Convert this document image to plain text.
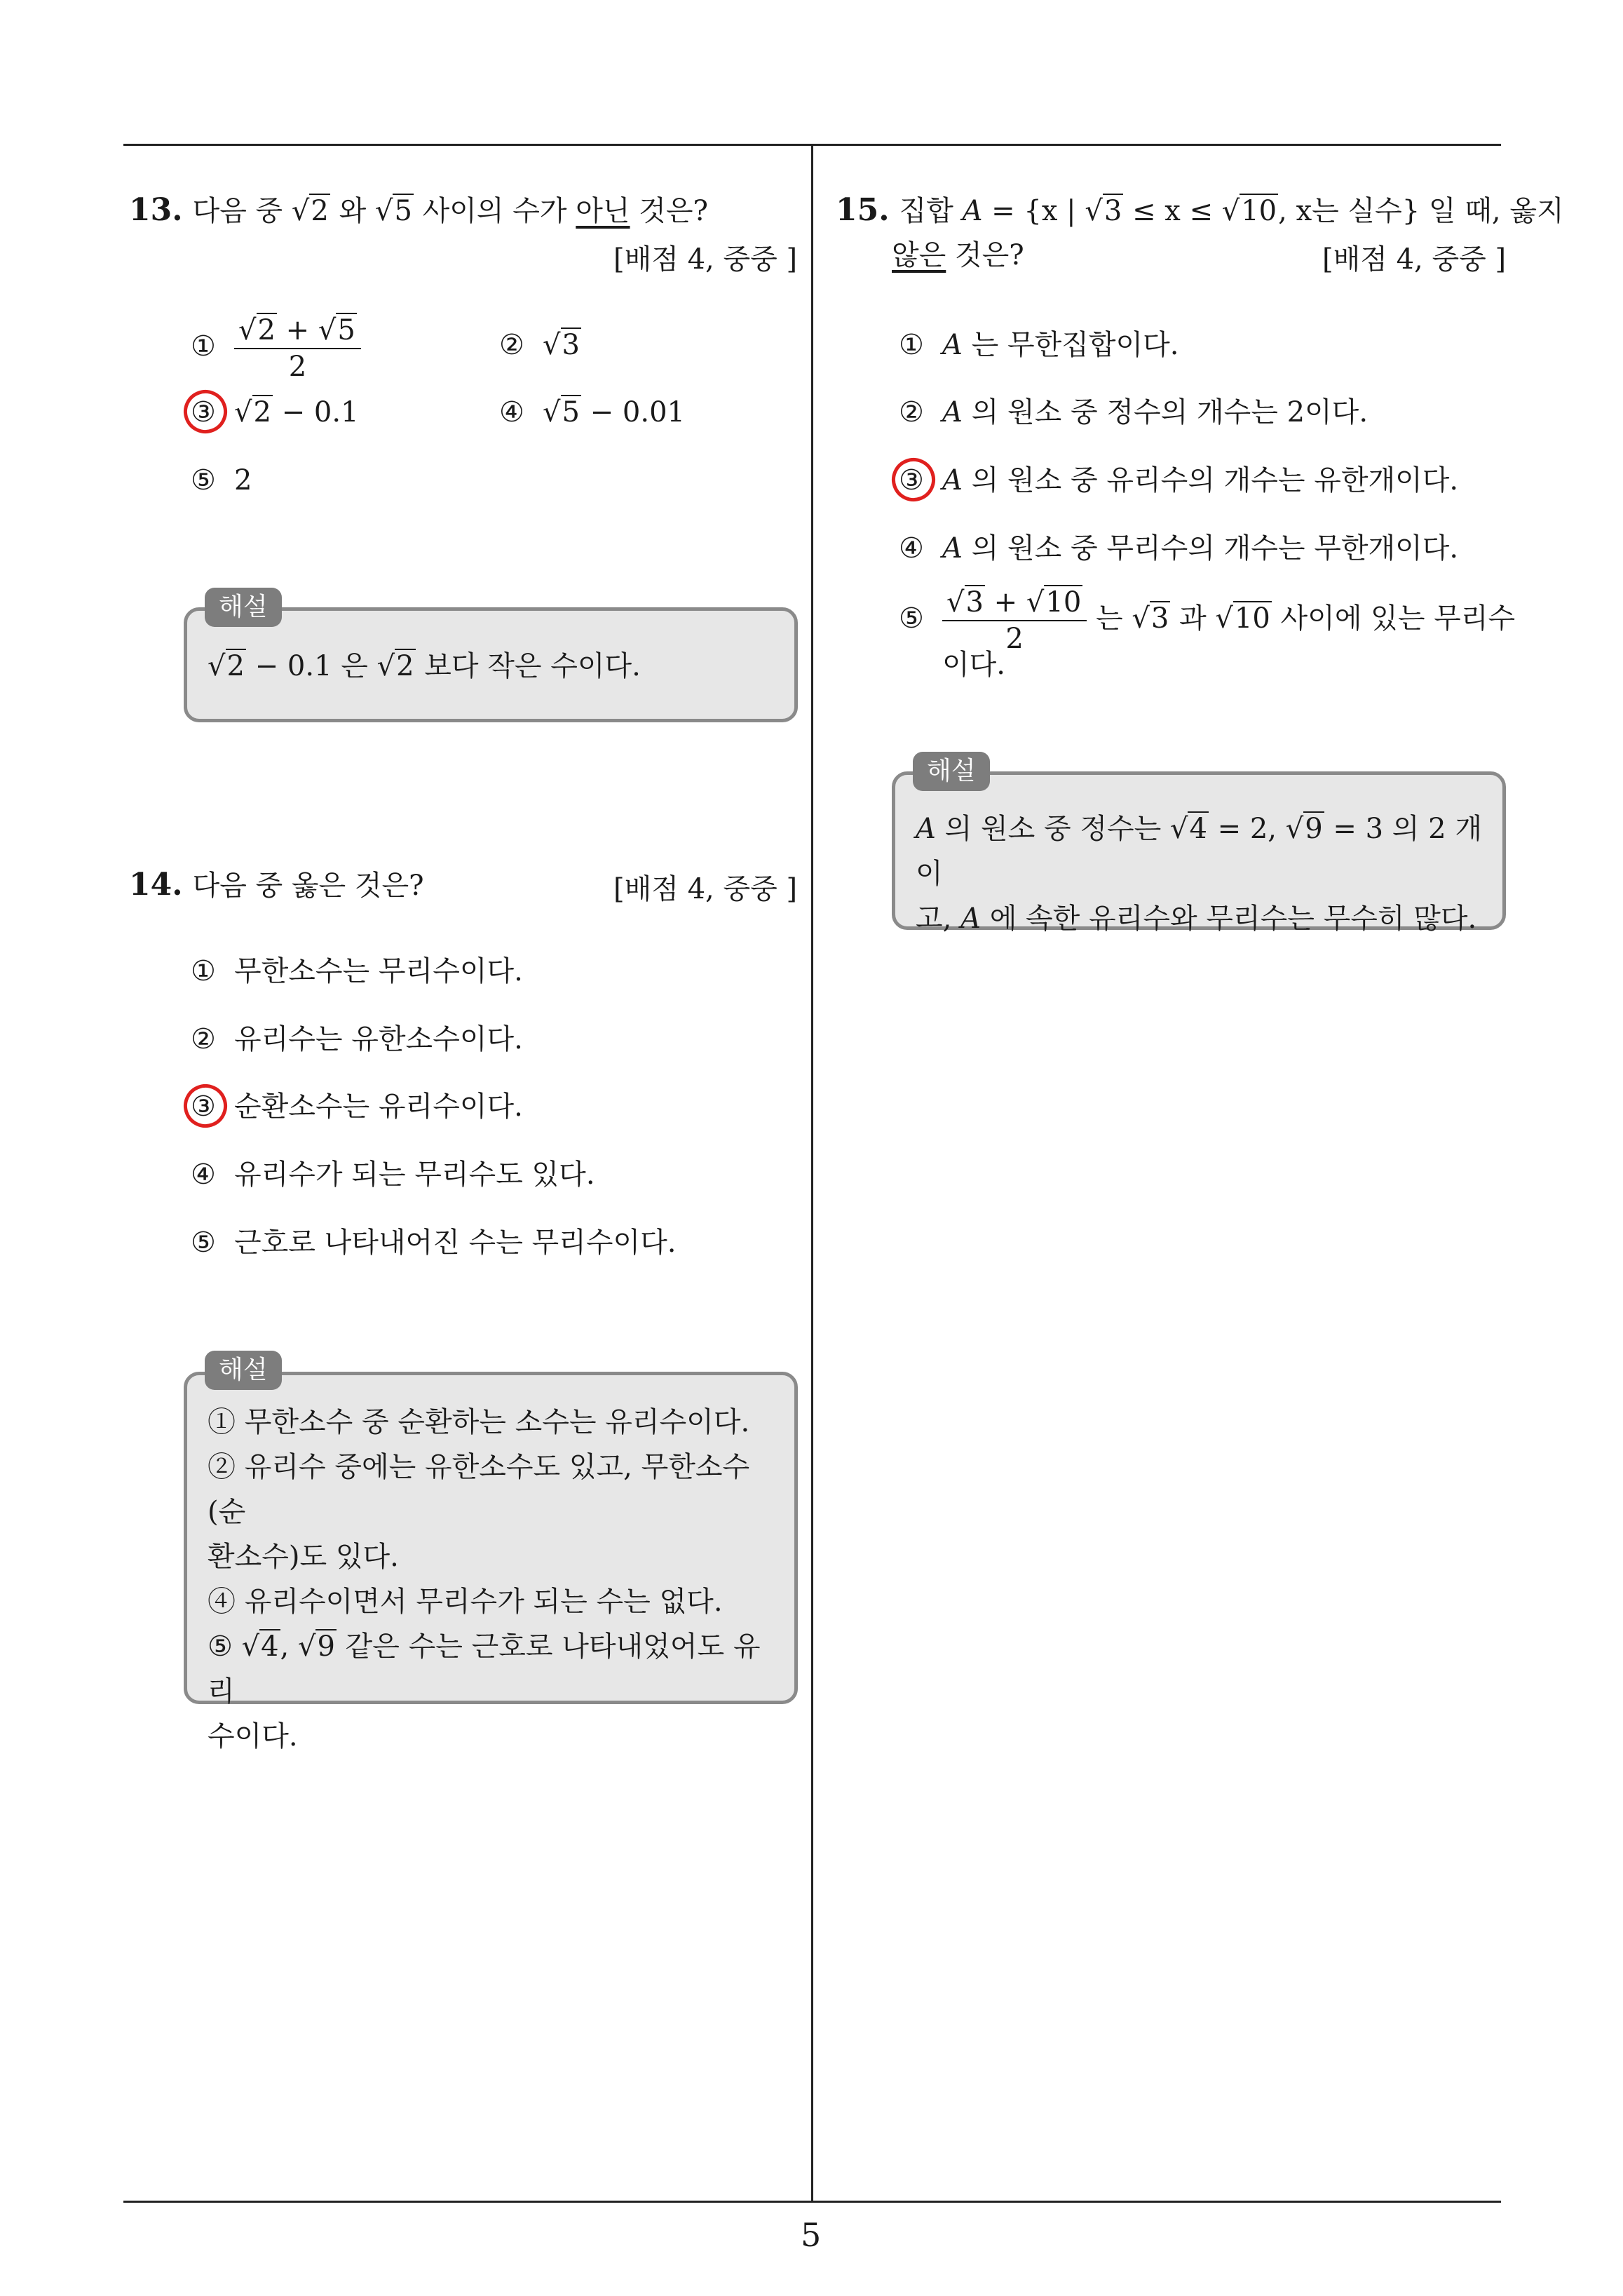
13. 다음 중 √2 와 √5 사이의 수가 아닌 것은?
[배점 4, 중중 ]
① $\frac{√2 + √5}{2}$	② √3
③ √2 − 0.1	④ √5 − 0.01
⑤ 2
해설
√2 − 0.1 은 √2 보다 작은 수이다.
14. 다음 중 옳은 것은?	[배점 4, 중중 ]
① 무한소수는 무리수이다.
② 유리수는 유한소수이다.
③ 순환소수는 유리수이다.
④ 유리수가 되는 무리수도 있다.
⑤ 근호로 나타내어진 수는 무리수이다.
해설
① 무한소수 중 순환하는 소수는 유리수이다.
② 유리수 중에는 유한소수도 있고, 무한소수(순
환소수)도 있다.
④ 유리수이면서 무리수가 되는 수는 없다.
⑤ √4, √9 같은 수는 근호로 나타내었어도 유리
수이다.
15. 집합 A = {x | √3 ≤ x ≤ √10, x는 실수} 일 때, 옳지
않은 것은?	[배점 4, 중중 ]
① A 는 무한집합이다.
② A 의 원소 중 정수의 개수는 2이다.
③ A 의 원소 중 유리수의 개수는 유한개이다.
④ A 의 원소 중 무리수의 개수는 무한개이다.
⑤ $\frac{√3 + √10}{2}$ 는 √3 과 √10 사이에 있는 무리수
이다.
해설
A 의 원소 중 정수는 √4 = 2, √9 = 3 의 2 개이
고, A 에 속한 유리수와 무리수는 무수히 많다.
5
